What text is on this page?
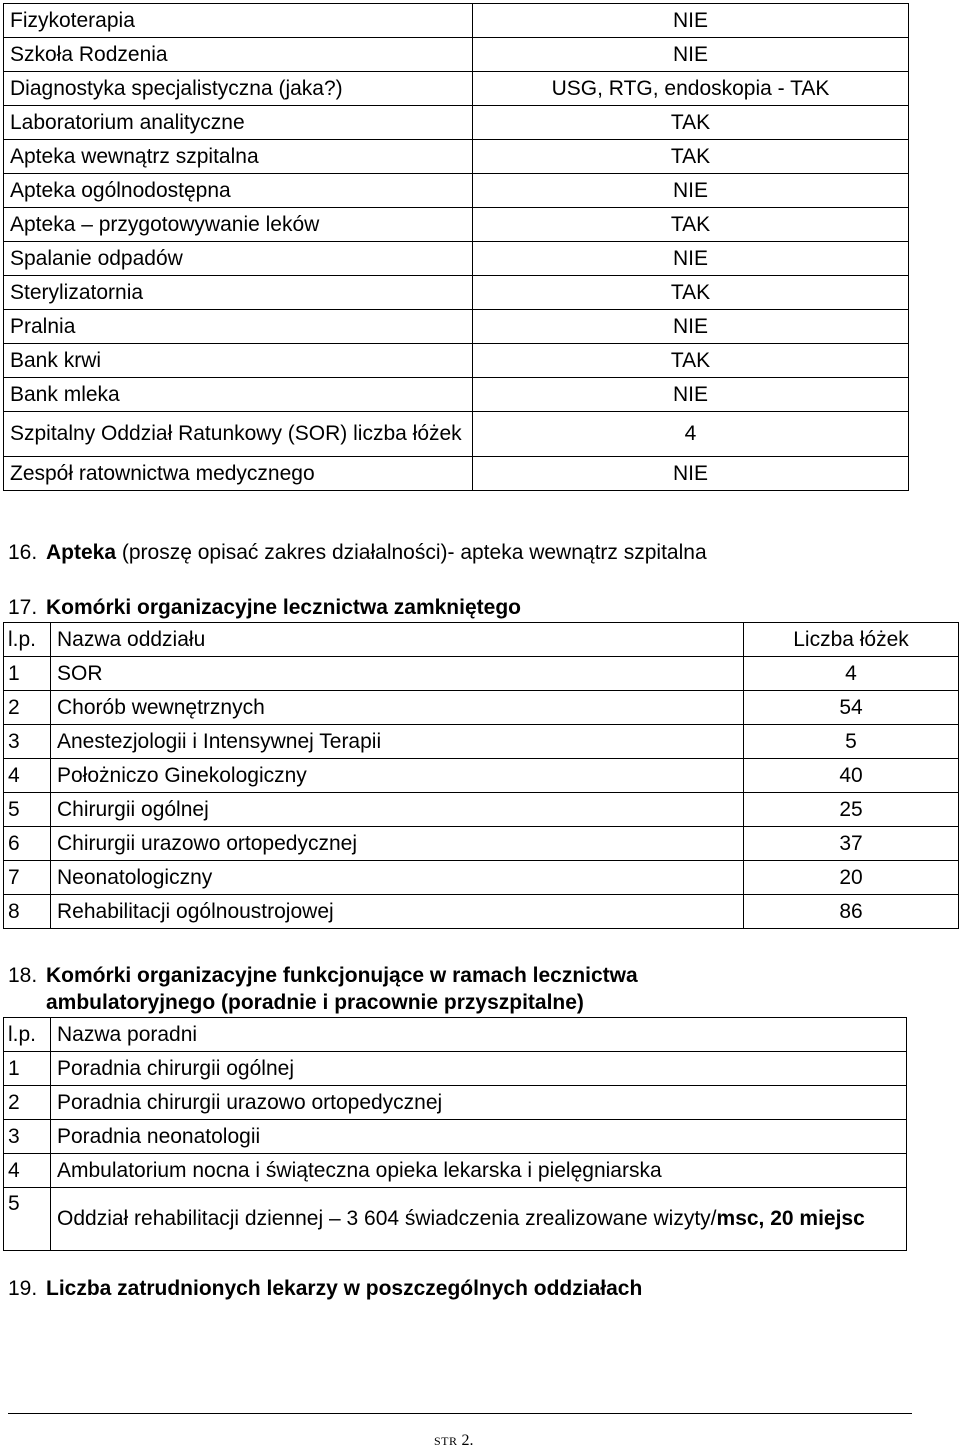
Fizykoterapia	NIE
Szkoła Rodzenia	NIE
Diagnostyka specjalistyczna (jaka?)	USG, RTG, endoskopia - TAK
Laboratorium analityczne	TAK
Apteka wewnątrz szpitalna	TAK
Apteka ogólnodostępna	NIE
Apteka – przygotowywanie leków	TAK
Spalanie odpadów	NIE
Sterylizatornia	TAK
Pralnia	NIE
Bank krwi	TAK
Bank mleka	NIE
Szpitalny Oddział Ratunkowy (SOR) liczba łóżek	4
Zespół ratownictwa medycznego	NIE
16. Apteka (proszę opisać zakres działalności)- apteka wewnątrz szpitalna
17. Komórki organizacyjne lecznictwa zamkniętego
l.p.	Nazwa oddziału	Liczba łóżek
1	SOR	4
2	Chorób wewnętrznych	54
3	Anestezjologii i Intensywnej Terapii	5
4	Położniczo Ginekologiczny	40
5	Chirurgii ogólnej	25
6	Chirurgii urazowo ortopedycznej	37
7	Neonatologiczny	20
8	Rehabilitacji ogólnoustrojowej	86
18. Komórki organizacyjne funkcjonujące w ramach lecznictwa
ambulatoryjnego (poradnie i pracownie przyszpitalne)
l.p.	Nazwa poradni
1	Poradnia chirurgii ogólnej
2	Poradnia chirurgii urazowo ortopedycznej
3	Poradnia neonatologii
4	Ambulatorium nocna i świąteczna opieka lekarska i pielęgniarska
5	Oddział rehabilitacji dziennej – 3 604 świadczenia zrealizowane wizyty/msc, 20 miejsc
19. Liczba zatrudnionych lekarzy w poszczególnych oddziałach
STR 2.
